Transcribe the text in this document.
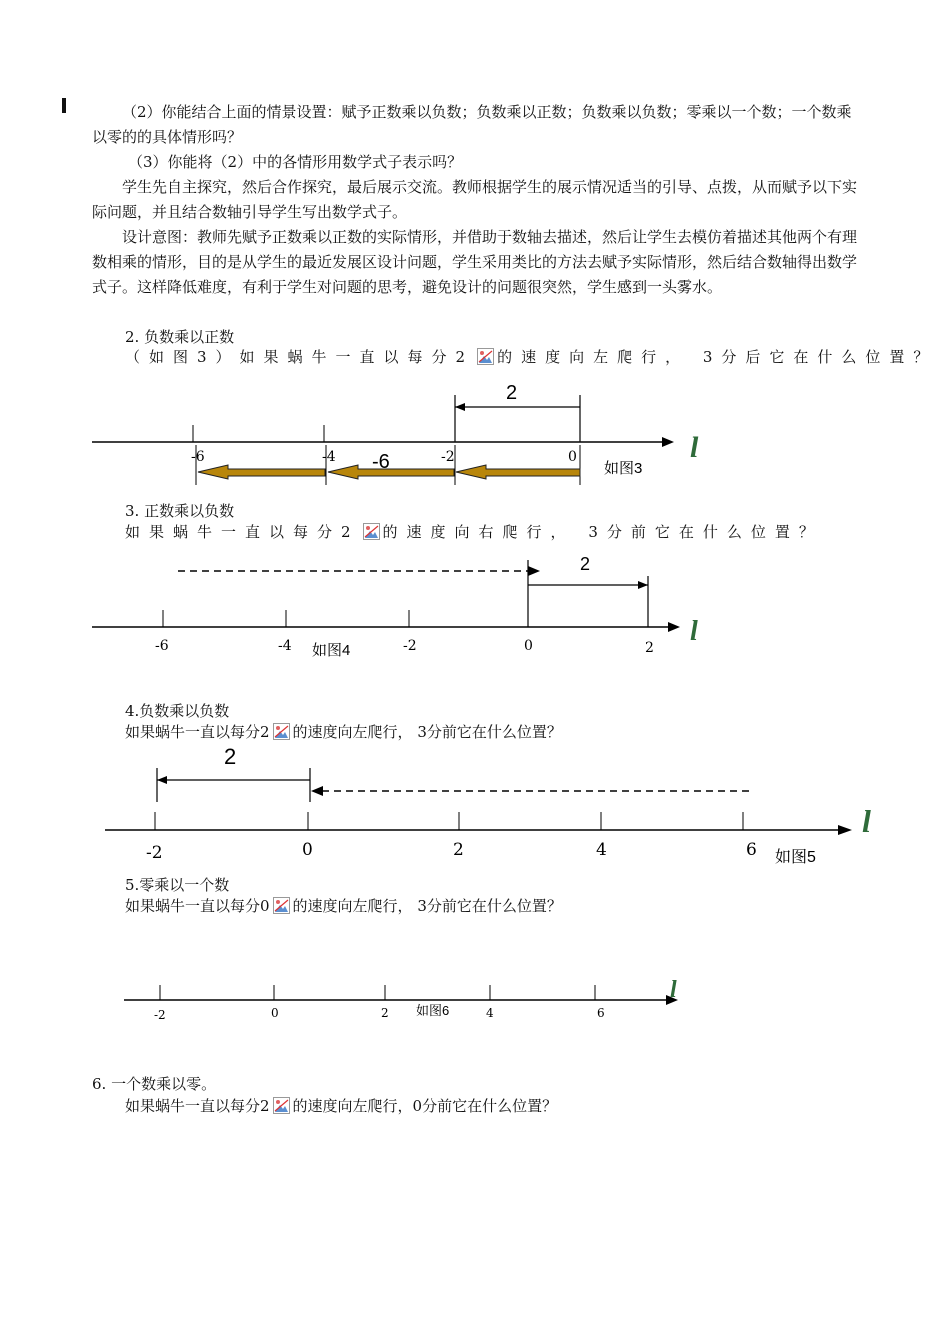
（2）你能结合上面的情景设置：赋予正数乘以负数；负数乘以正数；负数乘以负数；零乘以一个数；一个数乘以零的的具体情形吗？

（3）你能将（2）中的各情形用数学式子表示吗？

学生先自主探究，然后合作探究，最后展示交流。教师根据学生的展示情况适当的引导、点拨，从而赋予以下实际问题，并且结合数轴引导学生写出数学式子。

设计意图：教师先赋予正数乘以正数的实际情形，并借助于数轴去描述，然后让学生去模仿着描述其他两个有理数相乘的情形，目的是从学生的最近发展区设计问题，学生采用类比的方法去赋予实际情形，然后结合数轴得出数学式子。这样降低难度，有利于学生对问题的思考，避免设计的问题很突然，学生感到一头雾水。

2. 负数乘以正数
（如图3）如果蜗牛一直以每分2 的速度向左爬行， 3分后它在什么位置？
2
-6	-4	-2	0	l
-6	如图3
3. 正数乘以负数
如果蜗牛一直以每分2 的速度向右爬行， 3分前它在什么位置？
2
-6	-4	-2	0	2
如图4
l
4.负数乘以负数
如果蜗牛一直以每分2 的速度向左爬行， 3分前它在什么位置？
2
-2	0	2	4	6 如图5
l
5.零乘以一个数
如果蜗牛一直以每分0 的速度向左爬行， 3分前它在什么位置？
-2	0	2	4	6
如图6
l
6. 一个数乘以零。
如果蜗牛一直以每分2 的速度向左爬行，0分前它在什么位置？
